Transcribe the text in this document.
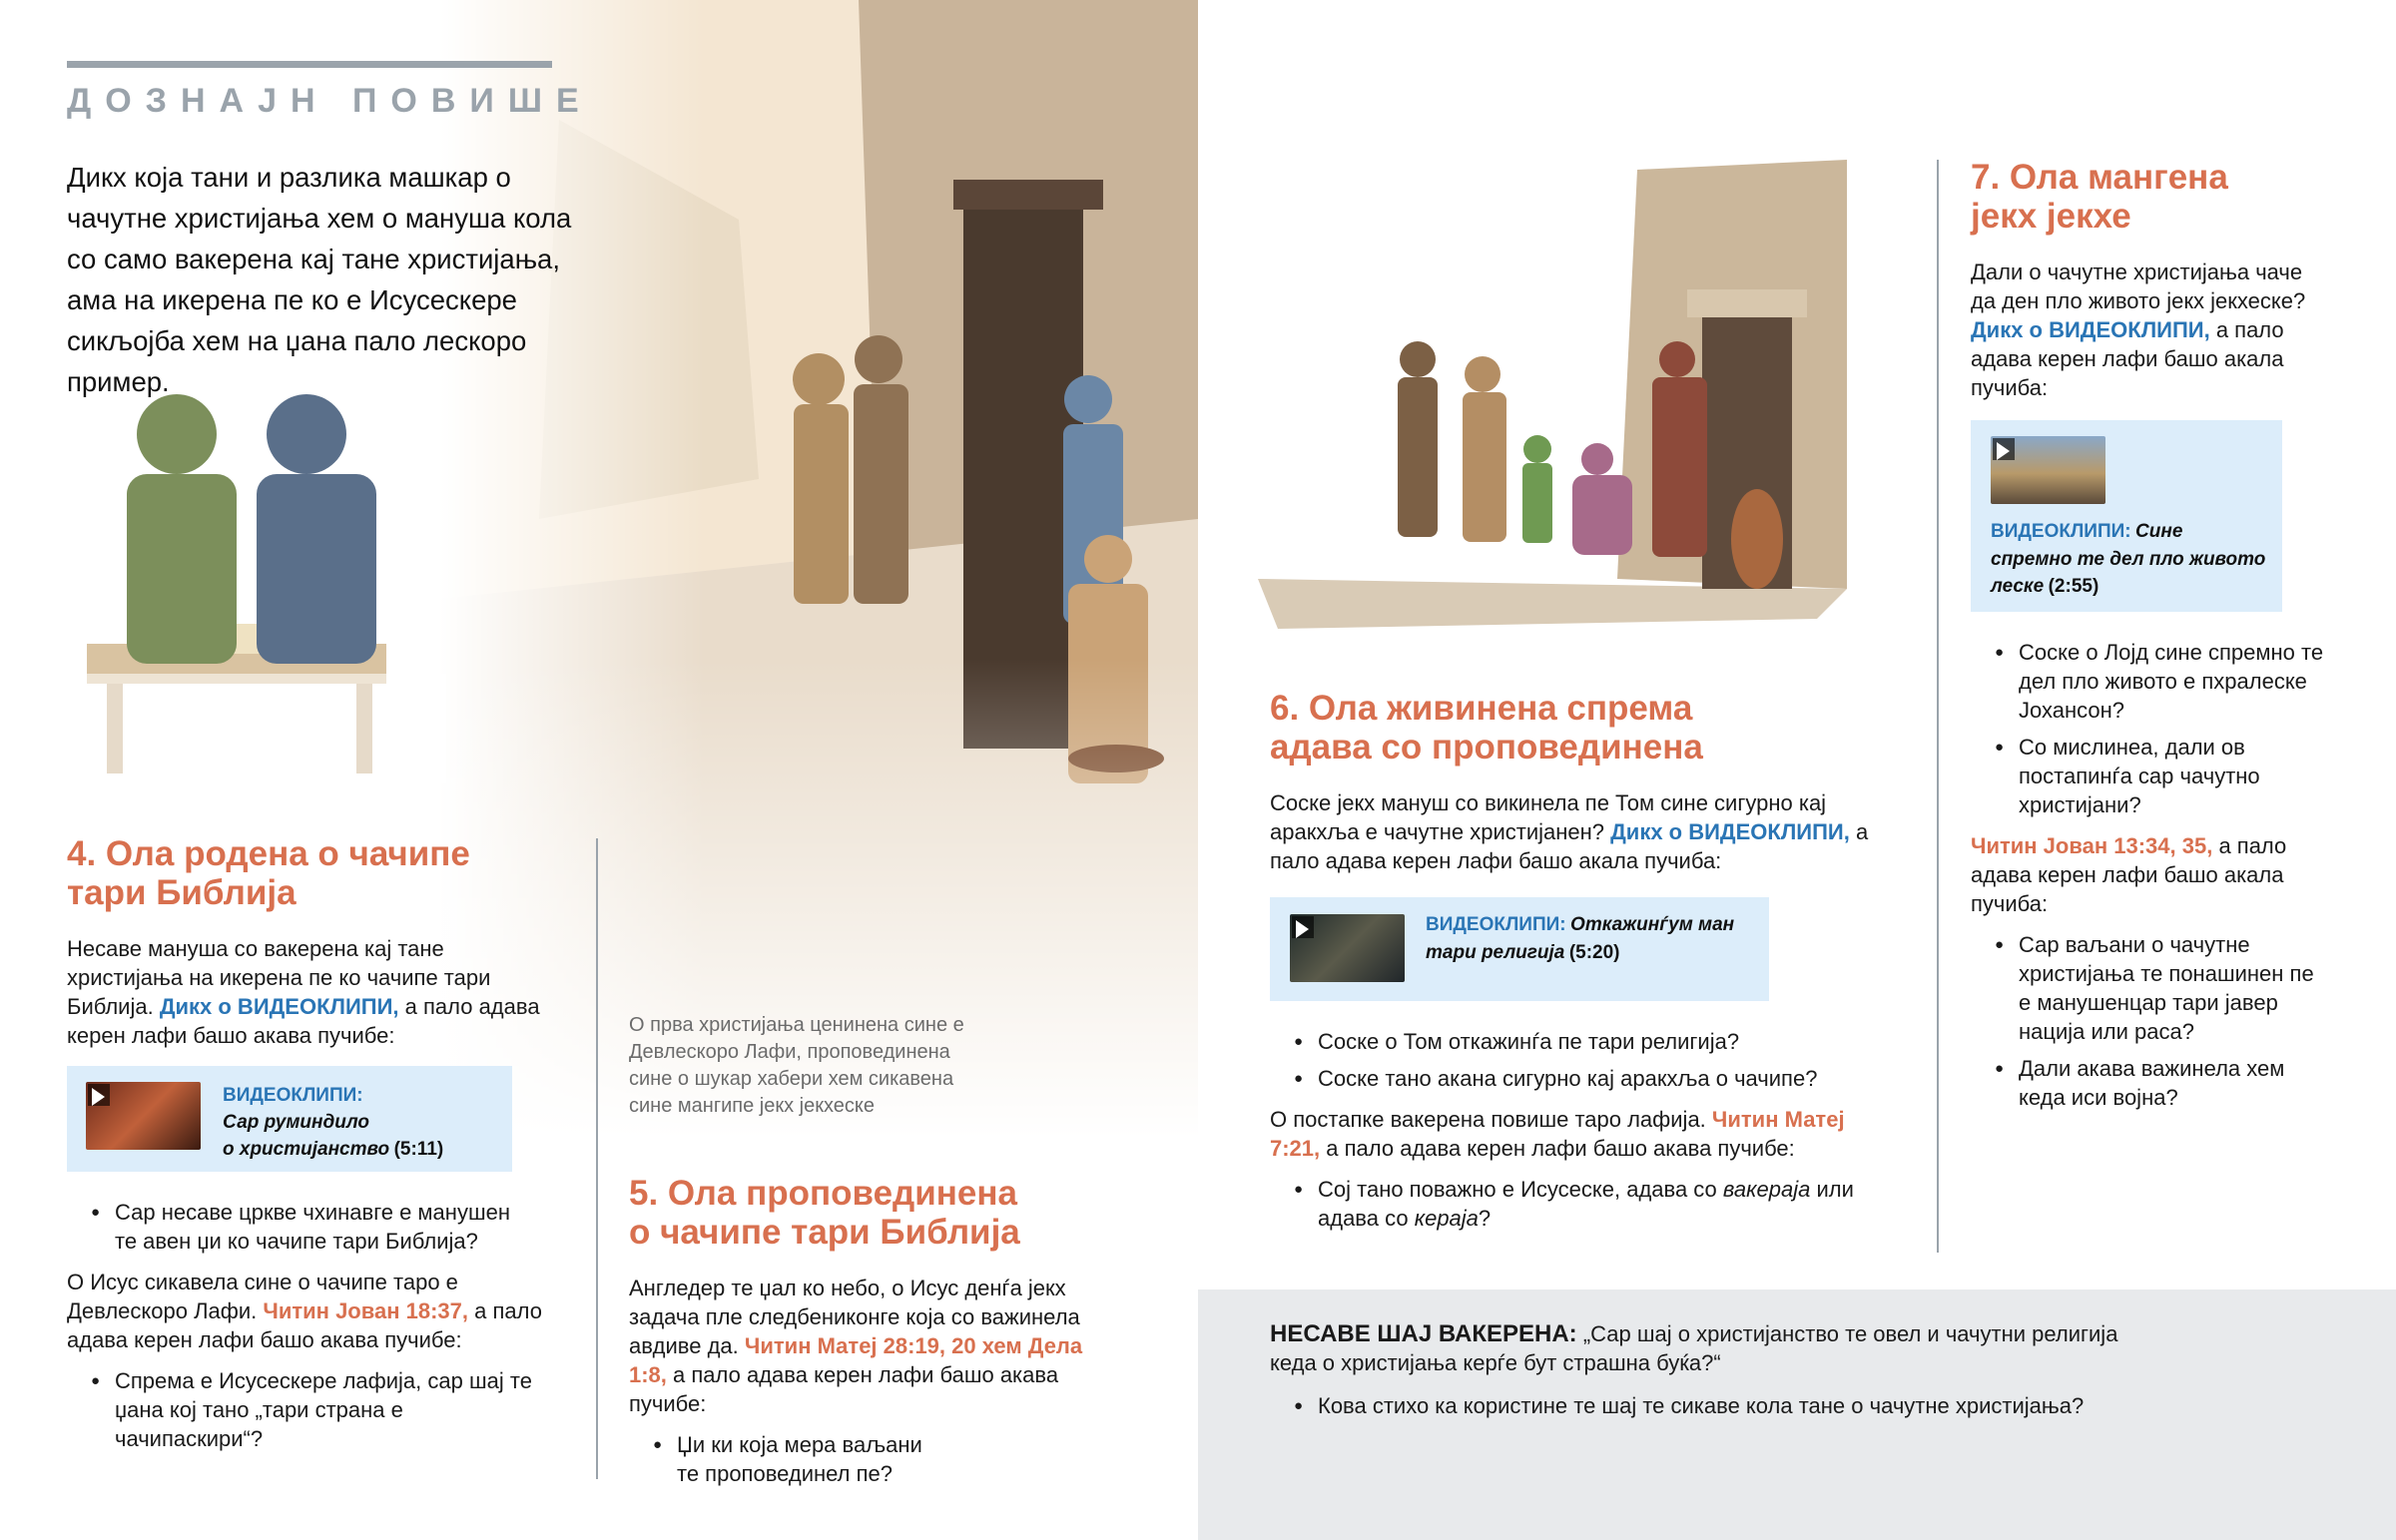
ДОЗНАЈН ПОВИШЕ
Дикх која тани и разлика машкар о чачутне христијања хем о мануша кола со само вакерена кај тане христијања, ама на икерена пе ко е Исусескере сикљојба хем на џана пало лескоро пример.
4. Ола родена о чачипе
тари Библија
Несаве мануша со вакерена кај тане христијања на икерена пе ко чачипе тари Библија. Дикх о ВИДЕОКЛИПИ, а пало адава керен лафи башо акава пучибе:
ВИДЕОКЛИПИ:
Сар руминдило
о христијанство (5:11)
● Сар несаве цркве чхинавге е манушен те авен џи ко чачипе тари Библија?
О Исус сикавела сине о чачипе таро е Девлескоро Лафи. Читин Јован 18:37, а пало адава керен лафи башо акава пучибе:
● Спрема е Исусескере лафија, сар шај те џана кој тано „тари страна е чачипаскири“?
О прва христијања ценинена сине е Девлескоро Лафи, проповединена сине о шукар хабери хем сикавена сине мангипе јекх јекхеске
5. Ола проповединена
о чачипе тари Библија
Англедер те џал ко небо, о Исус денѓа јекх задача пле следбениконге која со важинела авдиве да. Читин Матеј 28:19, 20 хем Дела 1:8, а пало адава керен лафи башо акава пучибе:
● Џи ки која мера ваљани те проповединел пе?
6. Ола живинена спрема
адава со проповединена
Соске јекх мануш со викинела пе Том сине сигурно кај аракхља е чачутне христијанен? Дикх о ВИДЕОКЛИПИ, а пало адава керен лафи башо акала пучиба:
ВИДЕОКЛИПИ: Откажинѓум ман
тари религија (5:20)
● Соске о Том откажинѓа пе тари религија?
● Соске тано акана сигурно кај аракхља о чачипе?
О постапке вакерена повише таро лафија. Читин Матеј 7:21, а пало адава керен лафи башо акава пучибе:
● Сој тано поважно е Исусеске, адава со вакераја или адава со кераја?
7. Ола мангена
јекх јекхе
Дали о чачутне христијања чаче да ден пло живото јекх јекхеске? Дикх о ВИДЕОКЛИПИ, а пало адава керен лафи башо акала пучиба:
ВИДЕОКЛИПИ: Сине
спремно те дел пло живото
леске (2:55)
● Соске о Лојд сине спремно те дел пло живото е пхралеске Јохансон?
● Со мислинеа, дали ов постапинѓа сар чачутно христијани?
Читин Јован 13:34, 35, а пало адава керен лафи башо акала пучиба:
● Сар ваљани о чачутне христијања те понашинен пе е манушенцар тари јавер нација или раса?
● Дали акава важинела хем кеда иси војна?
НЕСАВЕ ШАЈ ВАКЕРЕНА: „Сар шај о христијанство те овел и чачутни религија кеда о христијања керѓе бут страшна буќа?“
● Кова стихо ка користине те шај те сикаве кола тане о чачутне христијања?
